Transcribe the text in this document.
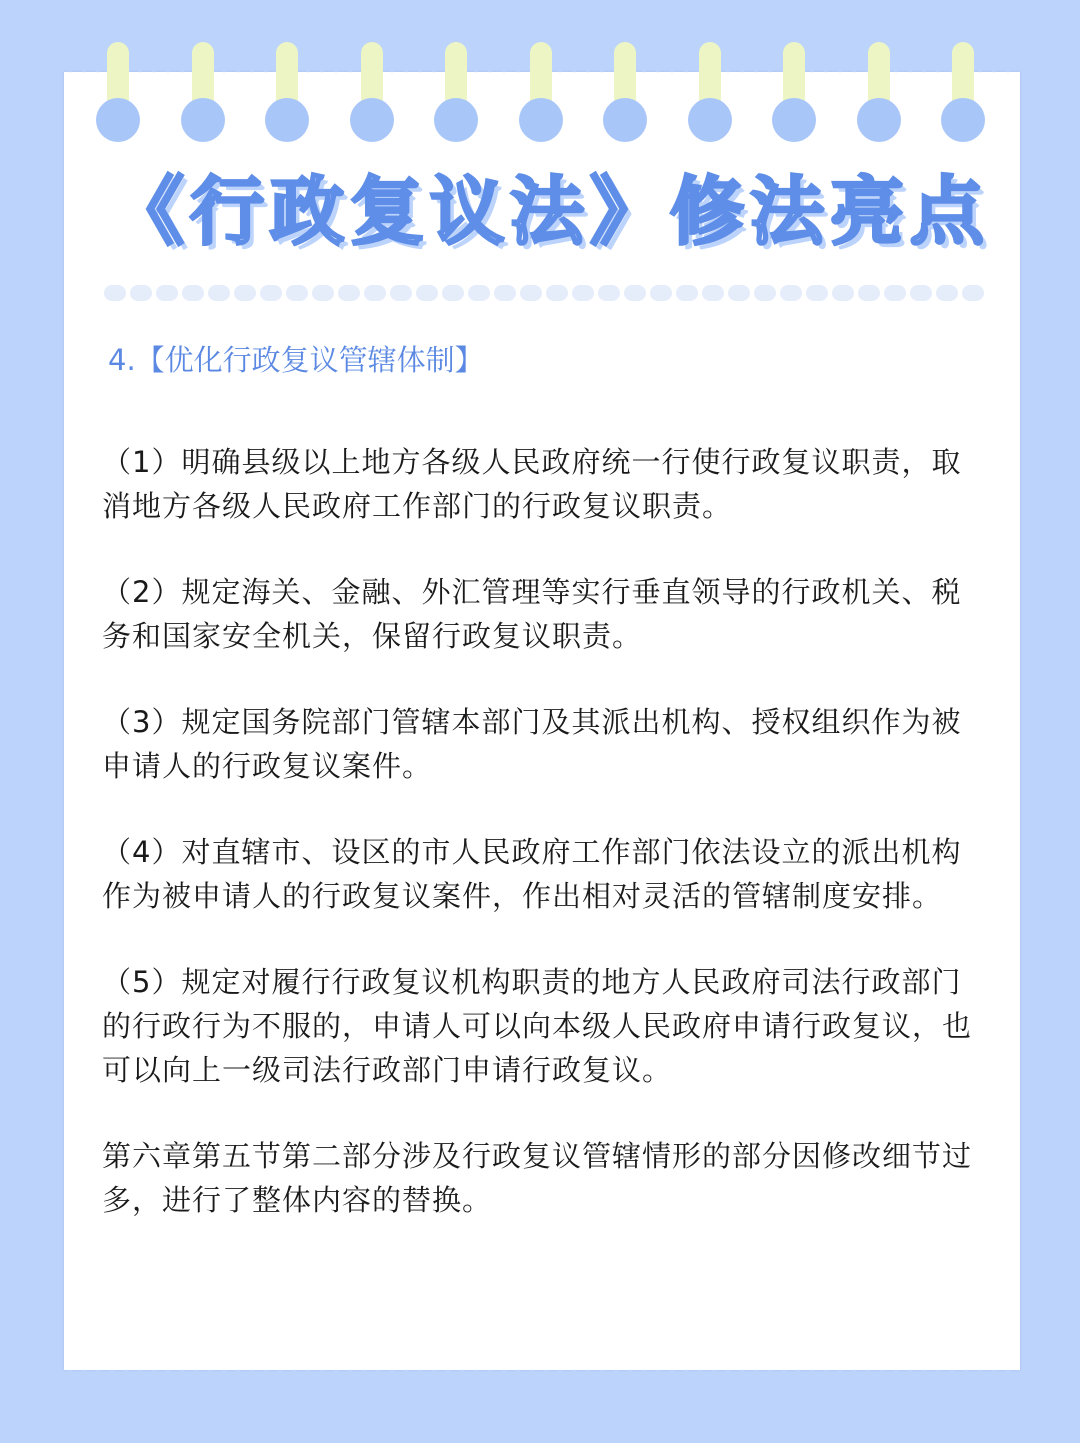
《行政复议法》修法亮点
4.【优化行政复议管辖体制】

（1）明确县级以上地方各级人民政府统一行使行政复议职责，取消地方各级人民政府工作部门的行政复议职责。

（2）规定海关、金融、外汇管理等实行垂直领导的行政机关、税务和国家安全机关，保留行政复议职责。

（3）规定国务院部门管辖本部门及其派出机构、授权组织作为被申请人的行政复议案件。

（4）对直辖市、设区的市人民政府工作部门依法设立的派出机构作为被申请人的行政复议案件，作出相对灵活的管辖制度安排。

（5）规定对履行行政复议机构职责的地方人民政府司法行政部门的行政行为不服的，申请人可以向本级人民政府申请行政复议，也可以向上一级司法行政部门申请行政复议。

第六章第五节第二部分涉及行政复议管辖情形的部分因修改细节过多，进行了整体内容的替换。
